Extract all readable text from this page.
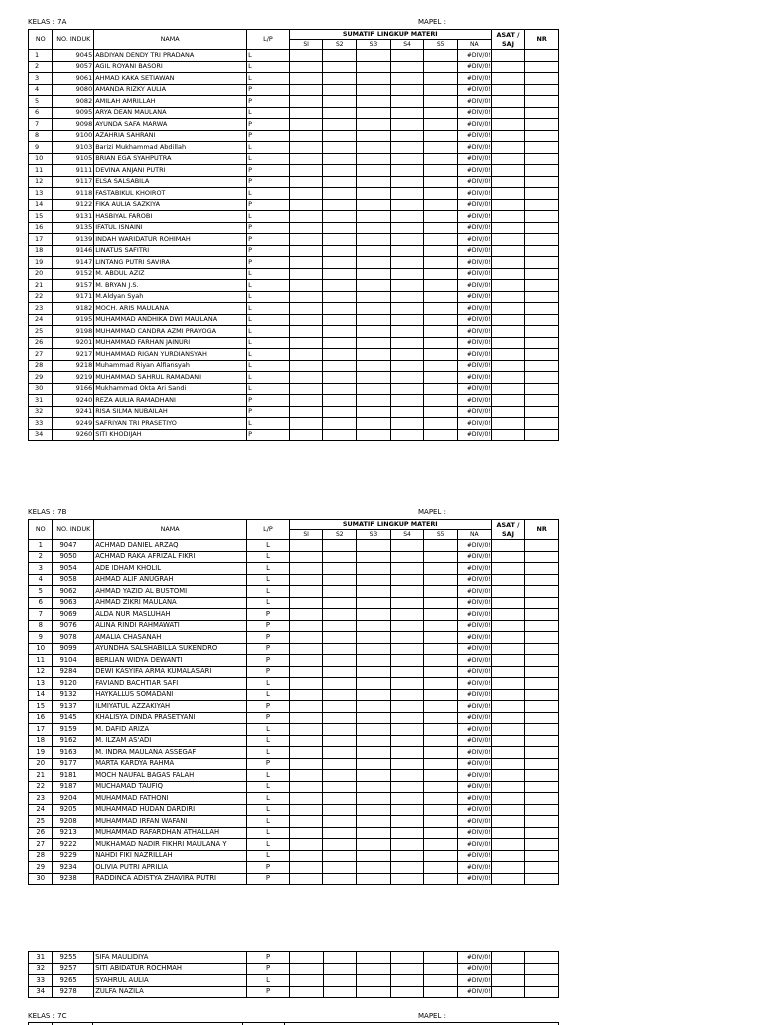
KELAS : 7A	MAPEL :
NO	NO. INDUK	NAMA	L/P	SUMATIF LINGKUP MATERI						ASAT /
SAJ	NR
				SI	S2	S3	S4	S5	NA		
1	9045	ABDIYAN DENDY TRI PRADANA	L						#DIV/0!		
2	9057	AGIL ROYANI BASORI	L						#DIV/0!		
3	9061	AHMAD KAKA SETIAWAN	L						#DIV/0!		
4	9080	AMANDA RIZKY AULIA	P						#DIV/0!		
5	9082	AMILAH AMRILLAH	P						#DIV/0!		
6	9095	ARYA DEAN MAULANA	L						#DIV/0!		
7	9098	AYUNDA SAFA MARWA	P						#DIV/0!		
8	9100	AZAHRIA SAHRANI	P						#DIV/0!		
9	9103	Barizi Mukhammad Abdillah	L						#DIV/0!		
10	9105	BRIAN EGA SYAHPUTRA	L						#DIV/0!		
11	9111	DEVINA ANJANI PUTRI	P						#DIV/0!		
12	9117	ELSA SALSABILA	P						#DIV/0!		
13	9118	FASTABIKUL KHOIROT	L						#DIV/0!		
14	9122	FIKA AULIA SAZKIYA	P						#DIV/0!		
15	9131	HASBIYAL FAROBI	L						#DIV/0!		
16	9135	IFATUL ISNAINI	P						#DIV/0!		
17	9139	INDAH WARIDATUR ROHIMAH	P						#DIV/0!		
18	9146	LINATUS SAFITRI	P						#DIV/0!		
19	9147	LINTANG PUTRI SAVIRA	P						#DIV/0!		
20	9152	M. ABDUL AZIZ	L						#DIV/0!		
21	9157	M. BRYAN J.S.	L						#DIV/0!		
22	9171	M.Aldyan Syah	L						#DIV/0!		
23	9182	MOCH. ARIS MAULANA	L						#DIV/0!		
24	9195	MUHAMMAD ANDHIKA DWI MAULANA	L						#DIV/0!		
25	9198	MUHAMMAD CANDRA AZMI PRAYOGA	L						#DIV/0!		
26	9201	MUHAMMAD FARHAN JAINURI	L						#DIV/0!		
27	9217	MUHAMMAD RIGAN YURDIANSYAH	L						#DIV/0!		
28	9218	Muhammad Riyan Alfiansyah	L						#DIV/0!		
29	9219	MUHAMMAD SAHRUL RAMADANI	L						#DIV/0!		
30	9166	Mukhammad Okta Ari Sandi	L						#DIV/0!		
31	9240	REZA AULIA RAMADHANI	P						#DIV/0!		
32	9241	RISA SILMA NUBAILAH	P						#DIV/0!		
33	9249	SAFRIYAN TRI PRASETIYO	L						#DIV/0!		
34	9260	SITI KHODIJAH	P						#DIV/0!		
KELAS : 7B	MAPEL :
NO	NO. INDUK	NAMA	L/P	SUMATIF LINGKUP MATERI						ASAT /
SAJ	NR
				SI	S2	S3	S4	S5	NA		
1	9047	ACHMAD DANIEL ARZAQ	L						#DIV/0!		
2	9050	ACHMAD RAKA AFRIZAL FIKRI	L						#DIV/0!		
3	9054	ADE IDHAM KHOLIL	L						#DIV/0!		
4	9058	AHMAD ALIF ANUGRAH	L						#DIV/0!		
5	9062	AHMAD YAZID AL BUSTOMI	L						#DIV/0!		
6	9063	AHMAD ZIKRI MAULANA	L						#DIV/0!		
7	9069	ALDA NUR MASLUHAH	P						#DIV/0!		
8	9076	ALINA RINDI RAHMAWATI	P						#DIV/0!		
9	9078	AMALIA CHASANAH	P						#DIV/0!		
10	9099	AYUNDHA SALSHABILLA SUKENDRO	P						#DIV/0!		
11	9104	BERLIAN WIDYA DEWANTI	P						#DIV/0!		
12	9284	DEWI KASYIFA ARMA KUMALASARI	P						#DIV/0!		
13	9120	FAVIAND BACHTIAR SAFI	L						#DIV/0!		
14	9132	HAYKALLUS SOMADANI	L						#DIV/0!		
15	9137	ILMIYATUL AZZAKIYAH	P						#DIV/0!		
16	9145	KHALISYA DINDA PRASETYANI	P						#DIV/0!		
17	9159	M. DAFID ARIZA	L						#DIV/0!		
18	9162	M. ILZAM AS'ADI	L						#DIV/0!		
19	9163	M. INDRA MAULANA ASSEGAF	L						#DIV/0!		
20	9177	MARTA KARDYA RAHMA	P						#DIV/0!		
21	9181	MOCH NAUFAL BAGAS FALAH	L						#DIV/0!		
22	9187	MUCHAMAD TAUFIQ	L						#DIV/0!		
23	9204	MUHAMMAD FATHONI	L						#DIV/0!		
24	9205	MUHAMMAD HUDAN DARDIRI	L						#DIV/0!		
25	9208	MUHAMMAD IRFAN WAFANI	L						#DIV/0!		
26	9213	MUHAMMAD RAFARDHAN ATHALLAH	L						#DIV/0!		
27	9222	MUKHAMAD NADIR FIKHRI MAULANA Y	L						#DIV/0!		
28	9229	NAHDI FIKI NAZRILLAH	L						#DIV/0!		
29	9234	OLIVIA PUTRI APRILIA	P						#DIV/0!		
30	9238	RADDINCA ADISTYA ZHAVIRA PUTRI	P						#DIV/0!		
31	9255	SIFA MAULIDIYA	P						#DIV/0!		
32	9257	SITI ABIDATUR ROCHMAH	P						#DIV/0!		
33	9265	SYAHRUL AULIA	L						#DIV/0!		
34	9278	ZULFA NAZILA	P						#DIV/0!		
KELAS : 7C	MAPEL :
